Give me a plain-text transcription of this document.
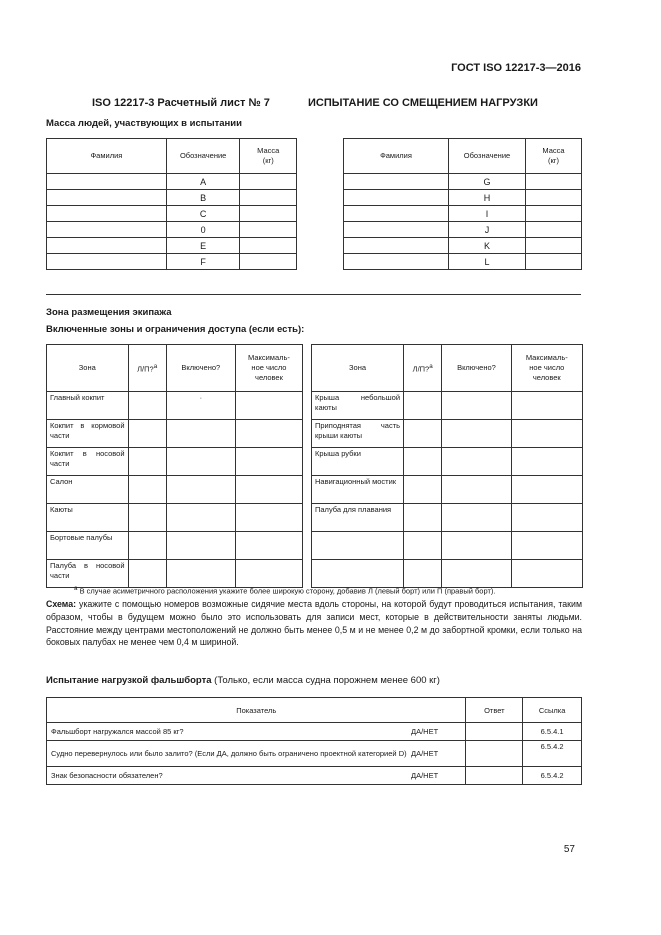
ГОСТ ISO 12217-3—2016
ISO 12217-3 Расчетный лист № 7	ИСПЫТАНИЕ СО СМЕЩЕНИЕМ НАГРУЗКИ
Масса людей, участвующих в испытании
Фамилия	Обозначение	Масса
(кг)
	A	
	B	
	C	
	0	
	E	
	F	
Фамилия	Обозначение	Масса
(кг)
	G	
	H	
	I	
	J	
	K	
	L	
Зона размещения экипажа
Включенные зоны и ограничения доступа (если есть):
Зона	Л/П?$^а$	Включено?	Максималь-
ное число
человек
Главный кокпит		·	
Кокпит в кормовой части			
Кокпит в носовой части			
Салон			
Каюты			
Бортовые палубы			
Палуба в носовой части			
Зона	Л/П?$^а$	Включено?	Максималь-
ное число
человек
Крыша небольшой каюты			
Приподнятая часть крыши каюты			
Крыша рубки			
Навигационный мостик			
Палуба для плавания			

$^а$ В случае асиметричного расположения укажите более широкую сторону, добавив Л (левый борт) или П (правый борт).
Схема: укажите с помощью номеров возможные сидячие места вдоль стороны, на которой будут проводиться испытания, таким образом, чтобы в будущем можно было это использовать для записи мест, которые в действительности заняты людьми. Расстояние между центрами местоположений не должно быть менее 0,5 м и не менее 0,2 м до забортной кромки, если только на боковых палубах не менее чем 0,4 м шириной.
Испытание нагрузкой фальшборта (Только, если масса судна порожнем менее 600 кг)
Показатель	Ответ	Ссылка
Фальшборт нагружался массой 85 кг? ДА/НЕТ		6.5.4.1
Судно перевернулось или было залито? (Если ДА, должно быть ограничено проектной категорией D) ДА/НЕТ		6.5.4.2
Знак безопасности обязателен? ДА/НЕТ		6.5.4.2
57
